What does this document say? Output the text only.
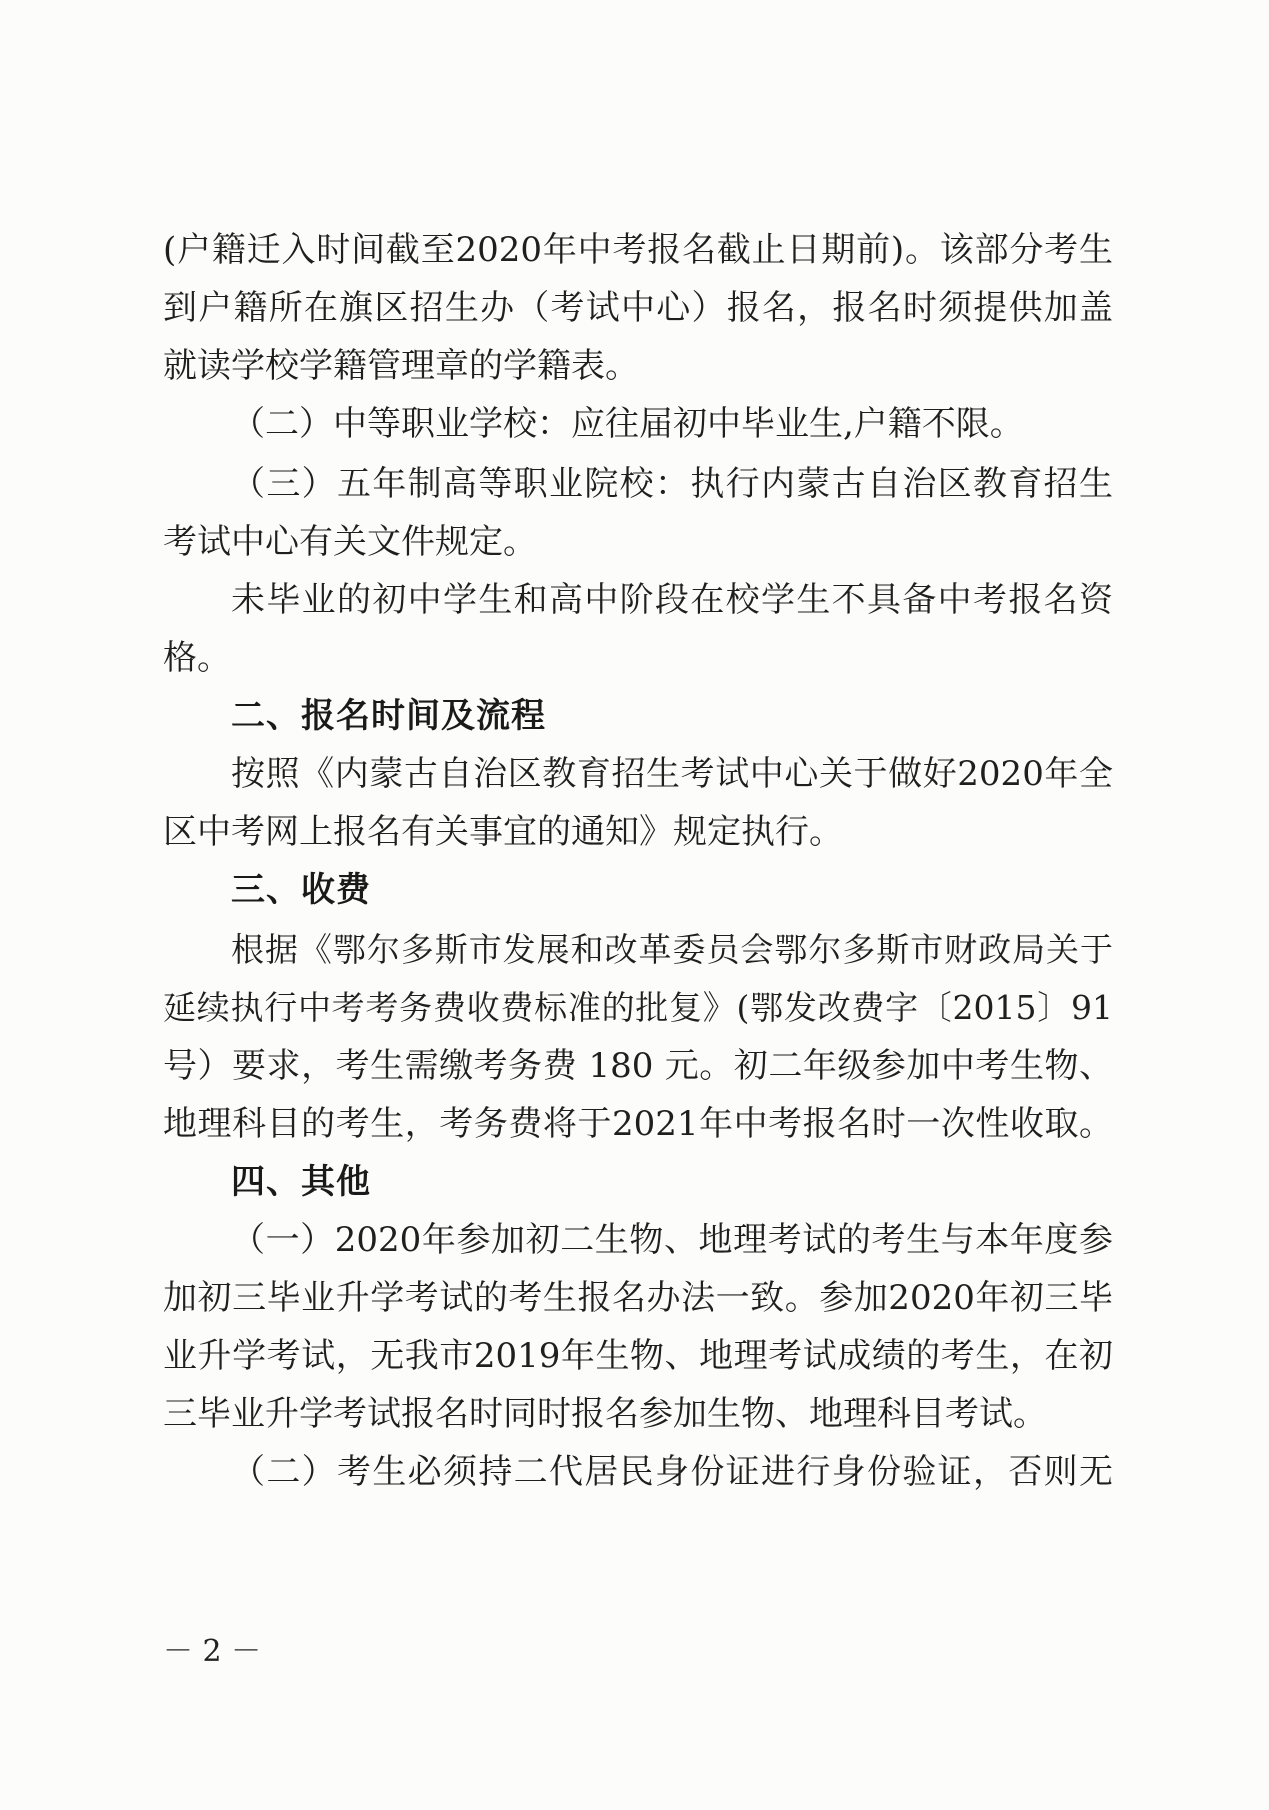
(户籍迁入时间截至2020年中考报名截止日期前)。该部分考生
到户籍所在旗区招生办（考试中心）报名，报名时须提供加盖
就读学校学籍管理章的学籍表。
（二）中等职业学校：应往届初中毕业生,户籍不限。
（三）五年制高等职业院校：执行内蒙古自治区教育招生
考试中心有关文件规定。
未毕业的初中学生和高中阶段在校学生不具备中考报名资
格。
二、报名时间及流程
按照《内蒙古自治区教育招生考试中心关于做好2020年全
区中考网上报名有关事宜的通知》规定执行。
三、收费
根据《鄂尔多斯市发展和改革委员会鄂尔多斯市财政局关于
延续执行中考考务费收费标准的批复》(鄂发改费字〔2015〕91
号）要求，考生需缴考务费 180 元。初二年级参加中考生物、
地理科目的考生，考务费将于2021年中考报名时一次性收取。
四、其他
（一）2020年参加初二生物、地理考试的考生与本年度参
加初三毕业升学考试的考生报名办法一致。参加2020年初三毕
业升学考试，无我市2019年生物、地理考试成绩的考生，在初
三毕业升学考试报名时同时报名参加生物、地理科目考试。
（二）考生必须持二代居民身份证进行身份验证，否则无
－ 2 －
